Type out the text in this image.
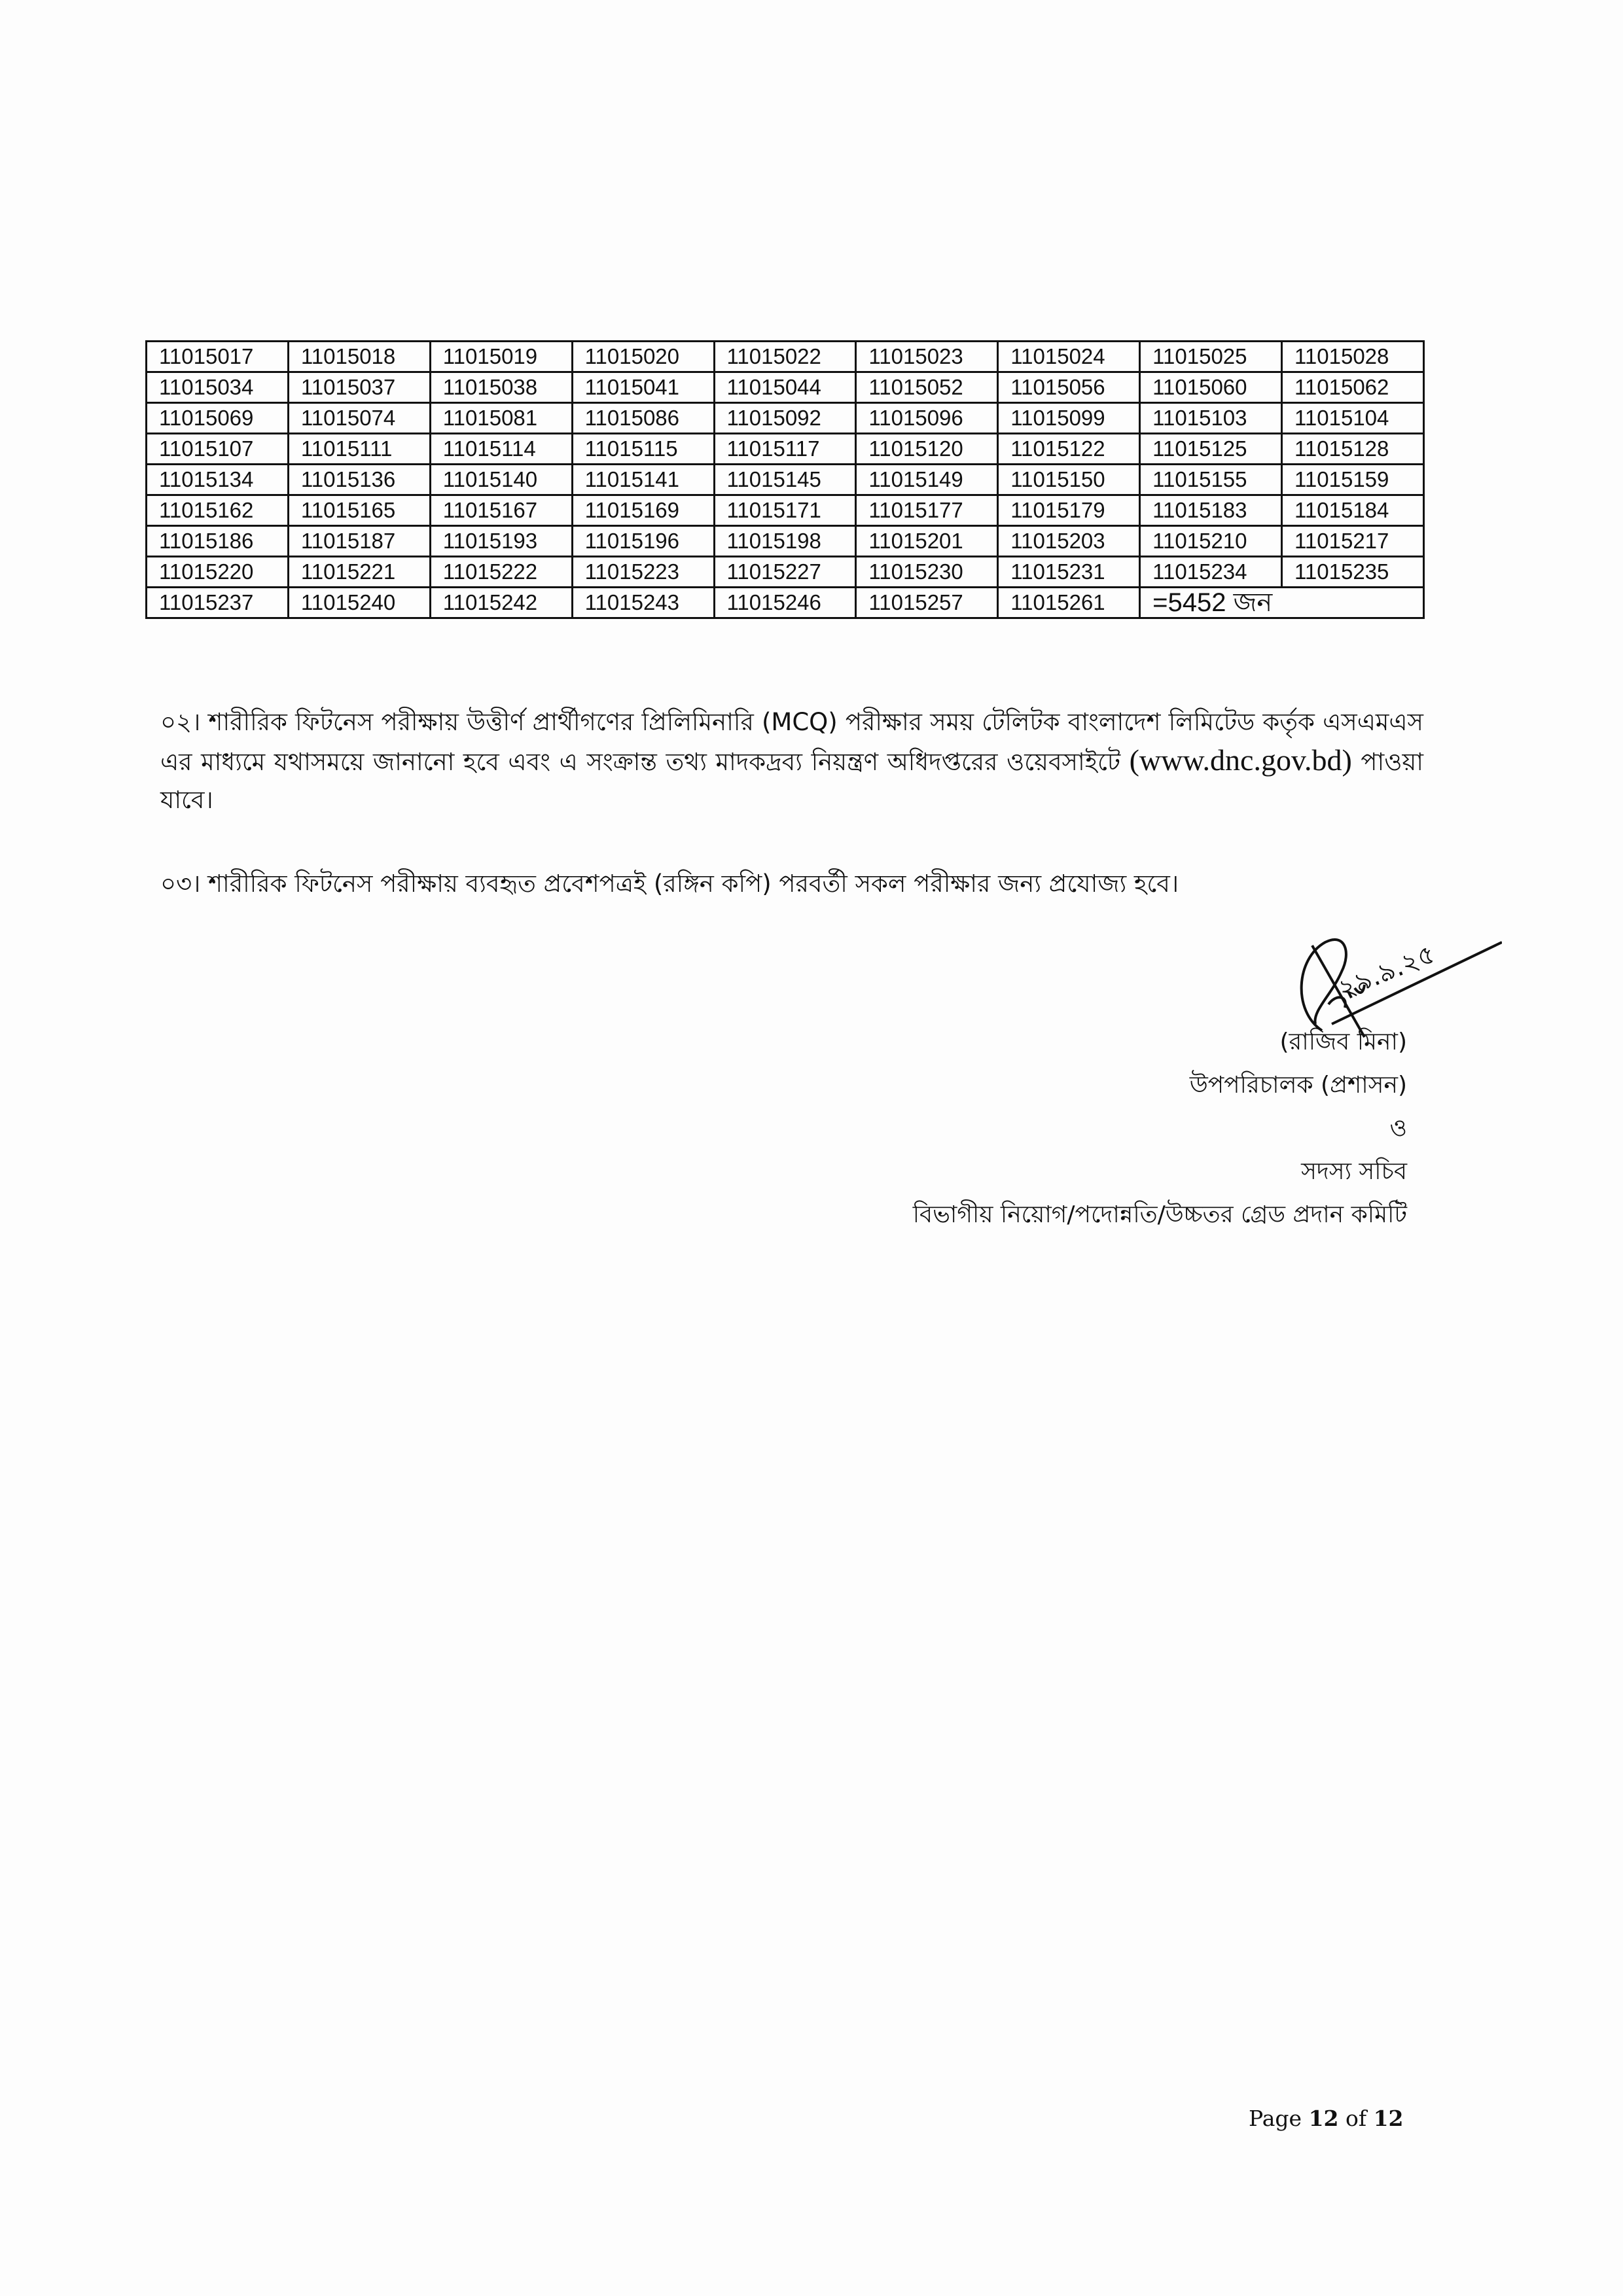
11015017	11015018	11015019	11015020	11015022	11015023	11015024	11015025	11015028
11015034	11015037	11015038	11015041	11015044	11015052	11015056	11015060	11015062
11015069	11015074	11015081	11015086	11015092	11015096	11015099	11015103	11015104
11015107	11015111	11015114	11015115	11015117	11015120	11015122	11015125	11015128
11015134	11015136	11015140	11015141	11015145	11015149	11015150	11015155	11015159
11015162	11015165	11015167	11015169	11015171	11015177	11015179	11015183	11015184
11015186	11015187	11015193	11015196	11015198	11015201	11015203	11015210	11015217
11015220	11015221	11015222	11015223	11015227	11015230	11015231	11015234	11015235
11015237	11015240	11015242	11015243	11015246	11015257	11015261	=5452 জন	
০২। শারীরিক ফিটনেস পরীক্ষায় উত্তীর্ণ প্রার্থীগণের প্রিলিমিনারি (MCQ) পরীক্ষার সময় টেলিটক বাংলাদেশ লিমিটেড কর্তৃক এসএমএস এর মাধ্যমে যথাসময়ে জানানো হবে এবং এ সংক্রান্ত তথ্য মাদকদ্রব্য নিয়ন্ত্রণ অধিদপ্তরের ওয়েবসাইটে (www.dnc.gov.bd) পাওয়া যাবে।
০৩। শারীরিক ফিটনেস পরীক্ষায় ব্যবহৃত প্রবেশপত্রই (রঙ্গিন কপি) পরবর্তী সকল পরীক্ষার জন্য প্রযোজ্য হবে।
২৯.৯.২৫
(রাজিব মিনা)
উপপরিচালক (প্রশাসন)
ও
সদস্য সচিব
বিভাগীয় নিয়োগ/পদোন্নতি/উচ্চতর গ্রেড প্রদান কমিটি
Page 12 of 12
